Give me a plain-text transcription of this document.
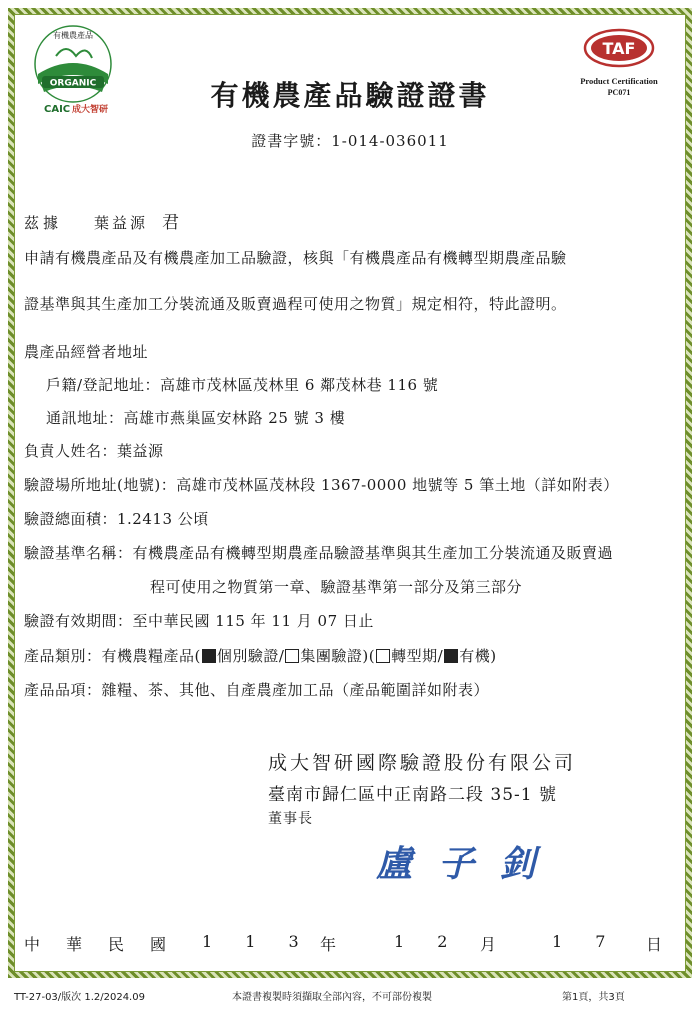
有機農產品
ORGANIC
CAIC 成大智研
TAF
Product Certification
PC071
有機農產品驗證證書
證書字號：1-014-036011
茲據 葉益源 君
申請有機農產品及有機農產加工品驗證，核與「有機農產品有機轉型期農產品驗
證基準與其生產加工分裝流通及販賣過程可使用之物質」規定相符，特此證明。
農產品經營者地址
戶籍/登記地址：高雄市茂林區茂林里 6 鄰茂林巷 116 號
通訊地址：高雄市燕巢區安林路 25 號 3 樓
負責人姓名：葉益源
驗證場所地址(地號)：高雄市茂林區茂林段 1367-0000 地號等 5 筆土地（詳如附表）
驗證總面積：1.2413 公頃
驗證基準名稱：有機農產品有機轉型期農產品驗證基準與其生產加工分裝流通及販賣過
程可使用之物質第一章、驗證基準第一部分及第三部分
驗證有效期間：至中華民國 115 年 11 月 07 日止
產品類別：有機農糧產品( 個別驗證/ 集團驗證)( 轉型期/ 有機)
產品品項：雜糧、茶、其他、自產農產加工品（產品範圍詳如附表）
成大智研國際驗證股份有限公司
臺南市歸仁區中正南路二段 35-1 號
董事長
盧子釗
中 華 民 國 1 1 3 年	1 2 月	1 7 日
TT-27-03/版次 1.2/2024.09	本證書複製時須擷取全部內容，不可部份複製	第1頁，共3頁
